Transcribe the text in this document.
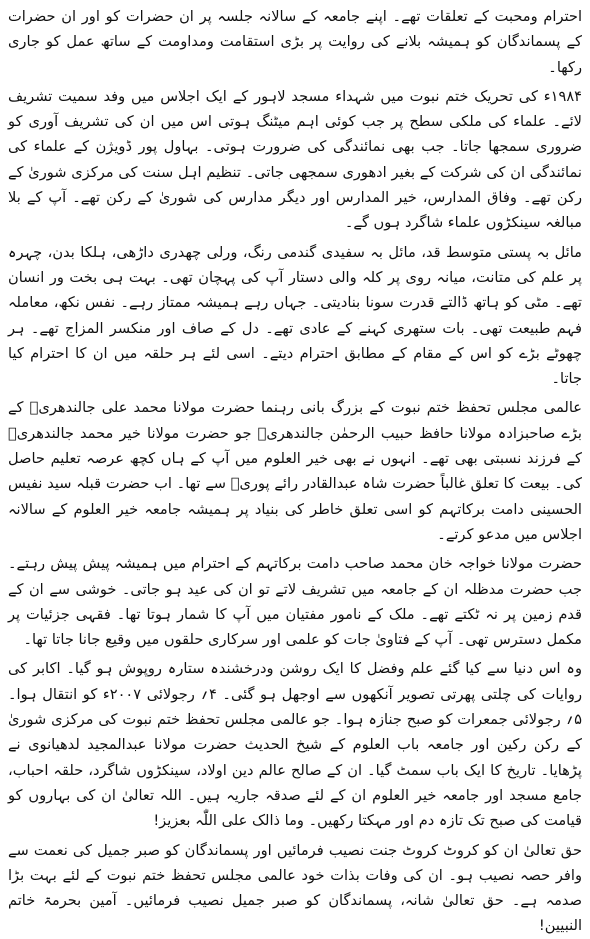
احترام ومحبت کے تعلقات تھے۔ اپنے جامعہ کے سالانہ جلسہ پر ان حضرات کو اور ان حضرات کے پسماندگان کو ہمیشہ بلانے کی روایت پر بڑی استقامت ومداومت کے ساتھ عمل کو جاری رکھا۔

۱۹۸۴ء کی تحریک ختم نبوت میں شہداء مسجد لاہور کے ایک اجلاس میں وفد سمیت تشریف لائے۔ علماء کی ملکی سطح پر جب کوئی اہم میٹنگ ہوتی اس میں ان کی تشریف آوری کو ضروری سمجھا جاتا۔ جب بھی نمائندگی کی ضرورت ہوتی۔ بہاول پور ڈویژن کے علماء کی نمائندگی ان کی شرکت کے بغیر ادھوری سمجھی جاتی۔ تنظیم اہل سنت کی مرکزی شوریٰ کے رکن تھے۔ وفاق المدارس، خیر المدارس اور دیگر مدارس کی شوریٰ کے رکن تھے۔ آپ کے بلا مبالغہ سینکڑوں علماء شاگرد ہوں گے۔

مائل بہ پستی متوسط قد، مائل بہ سفیدی گندمی رنگ، ورلی چھدری داڑھی، ہلکا بدن، چہرہ پر علم کی متانت، میانہ روی پر کلہ والی دستار آپ کی پہچان تھی۔ بہت ہی بخت ور انسان تھے۔ مٹی کو ہاتھ ڈالتے قدرت سونا بنادیتی۔ جہاں رہے ہمیشہ ممتاز رہے۔ نفس نکھ، معاملہ فہم طبیعت تھی۔ بات ستھری کہنے کے عادی تھے۔ دل کے صاف اور منکسر المزاج تھے۔ ہر چھوٹے بڑے کو اس کے مقام کے مطابق احترام دیتے۔ اسی لئے ہر حلقہ میں ان کا احترام کیا جاتا۔

عالمی مجلس تحفظ ختم نبوت کے بزرگ بانی رہنما حضرت مولانا محمد علی جالندھریؒ کے بڑے صاحبزادہ مولانا حافظ حبیب الرحمٰن جالندھریؒ جو حضرت مولانا خیر محمد جالندھریؒ کے فرزند نسبتی بھی تھے۔ انہوں نے بھی خیر العلوم میں آپ کے ہاں کچھ عرصہ تعلیم حاصل کی۔ بیعت کا تعلق غالباً حضرت شاہ عبدالقادر رائے پوریؒ سے تھا۔ اب حضرت قبلہ سید نفیس الحسینی دامت برکاتہم کو اسی تعلق خاطر کی بنیاد پر ہمیشہ جامعہ خیر العلوم کے سالانہ اجلاس میں مدعو کرتے۔

حضرت مولانا خواجہ خان محمد صاحب دامت برکاتہم کے احترام میں ہمیشہ پیش پیش رہتے۔ جب حضرت مدظلہ ان کے جامعہ میں تشریف لاتے تو ان کی عید ہو جاتی۔ خوشی سے ان کے قدم زمین پر نہ ٹکتے تھے۔ ملک کے نامور مفتیان میں آپ کا شمار ہوتا تھا۔ فقہی جزئیات پر مکمل دسترس تھی۔ آپ کے فتاویٰ جات کو علمی اور سرکاری حلقوں میں وقیع جانا جاتا تھا۔

وہ اس دنیا سے کیا گئے علم وفضل کا ایک روشن ودرخشندہ ستارہ روپوش ہو گیا۔ اکابر کی روایات کی چلتی پھرتی تصویر آنکھوں سے اوجھل ہو گئی۔ ۴؍ رجولائی ۲۰۰۷ء کو انتقال ہوا۔ ۵؍ رجولائی جمعرات کو صبح جنازہ ہوا۔ جو عالمی مجلس تحفظ ختم نبوت کی مرکزی شوریٰ کے رکن رکین اور جامعہ باب العلوم کے شیخ الحدیث حضرت مولانا عبدالمجید لدھیانوی نے پڑھایا۔ تاریخ کا ایک باب سمٹ گیا۔ ان کے صالح عالم دین اولاد، سینکڑوں شاگرد، حلقہ احباب، جامع مسجد اور جامعہ خیر العلوم ان کے لئے صدقہ جاریہ ہیں۔ اللہ تعالیٰ ان کی بہاروں کو قیامت کی صبح تک تازہ دم اور مہکتا رکھیں۔ وما ذالک علی اللّٰہ بعزیز!

حق تعالیٰ ان کو کروٹ کروٹ جنت نصیب فرمائیں اور پسماندگان کو صبر جمیل کی نعمت سے وافر حصہ نصیب ہو۔ ان کی وفات بذات خود عالمی مجلس تحفظ ختم نبوت کے لئے بہت بڑا صدمہ ہے۔ حق تعالیٰ شانہ، پسماندگان کو صبر جمیل نصیب فرمائیں۔ آمین بحرمۃ خاتم النبیین!
